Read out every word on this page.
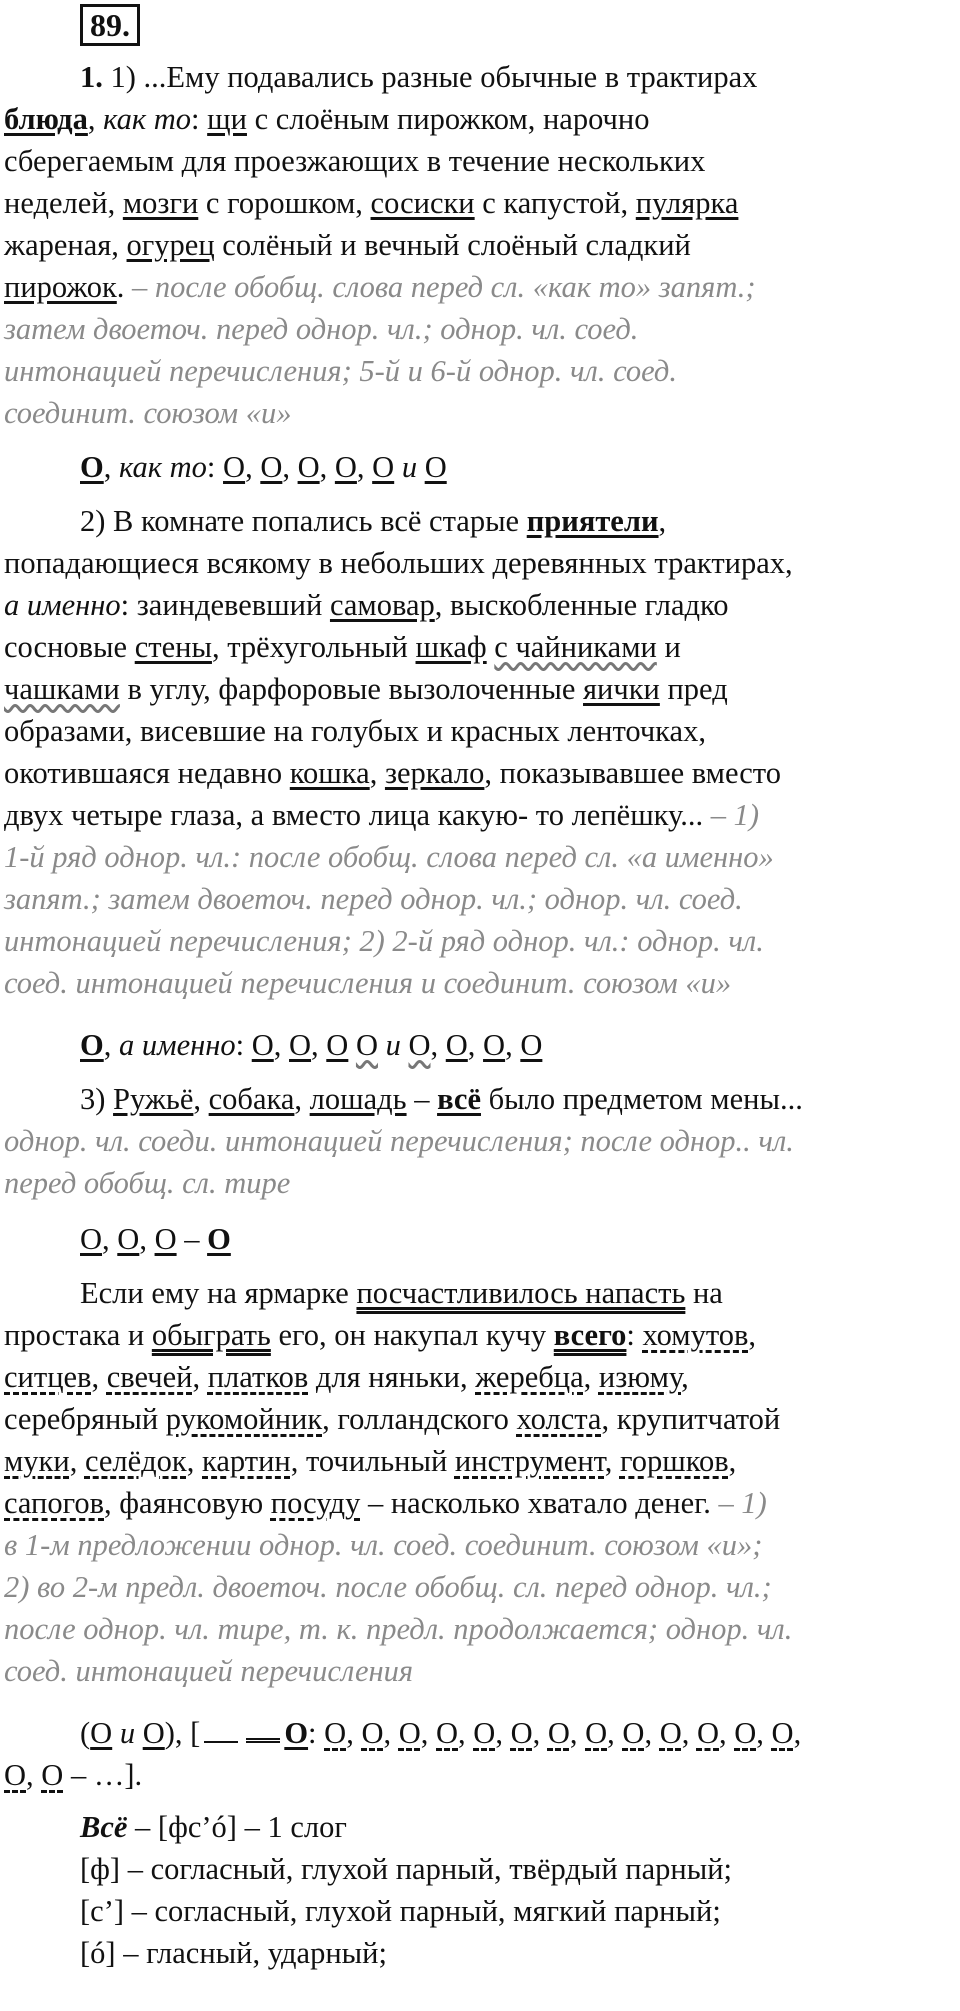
89.
1. 1) ...Ему подавались разные обычные в трактирах
блюда, как то: щи с слоёным пирожком, нарочно
сберегаемым для проезжающих в течение нескольких
неделей, мозги с горошком, сосиски с капустой, пулярка
жареная, огурец солёный и вечный слоёный сладкий
пирожок. – после обобщ. слова перед сл. «как то» запят.;
затем двоеточ. перед однор. чл.; однор. чл. соед.
интонацией перечисления; 5-й и 6-й однор. чл. соед.
соединит. союзом «и»
О, как то: О, О, О, О, О и О
2) В комнате попались всё старые приятели,
попадающиеся всякому в небольших деревянных трактирах,
а именно: заиндевевший самовар, выскобленные гладко
сосновые стены, трёхугольный шкаф с чайниками и
чашками в углу, фарфоровые вызолоченные яички пред
образами, висевшие на голубых и красных ленточках,
окотившаяся недавно кошка, зеркало, показывавшее вместо
двух четыре глаза, а вместо лица какую- то лепёшку... – 1)
1-й ряд однор. чл.: после обобщ. слова перед сл. «а именно»
запят.; затем двоеточ. перед однор. чл.; однор. чл. соед.
интонацией перечисления; 2) 2-й ряд однор. чл.: однор. чл.
соед. интонацией перечисления и соединит. союзом «и»
О, а именно: О, О, О О и О, О, О, О
3) Ружьё, собака, лошадь – всё было предметом мены...
однор. чл. соеди. интонацией перечисления; после однор.. чл.
перед обобщ. сл. тире
О, О, О – О
Если ему на ярмарке посчастливилось напасть на
простака и обыграть его, он накупал кучу всего: хомутов,
ситцев, свечей, платков для няньки, жеребца, изюму,
серебряный рукомойник, голландского холста, крупитчатой
муки, селёдок, картин, точильный инструмент, горшков,
сапогов, фаянсовую посуду – насколько хватало денег. – 1)
в 1-м предложении однор. чл. соед. соединит. союзом «и»;
2) во 2-м предл. двоеточ. после обобщ. сл. перед однор. чл.;
после однор. чл. тире, т. к. предл. продолжается; однор. чл.
соед. интонацией перечисления
(О и О), [	О: О, О, О, О, О, О, О, О, О, О, О, О, О,
О, О – …].
Всё – [фс’ó] – 1 слог
[ф] – согласный, глухой парный, твёрдый парный;
[с’] – согласный, глухой парный, мягкий парный;
[ó] – гласный, ударный;
